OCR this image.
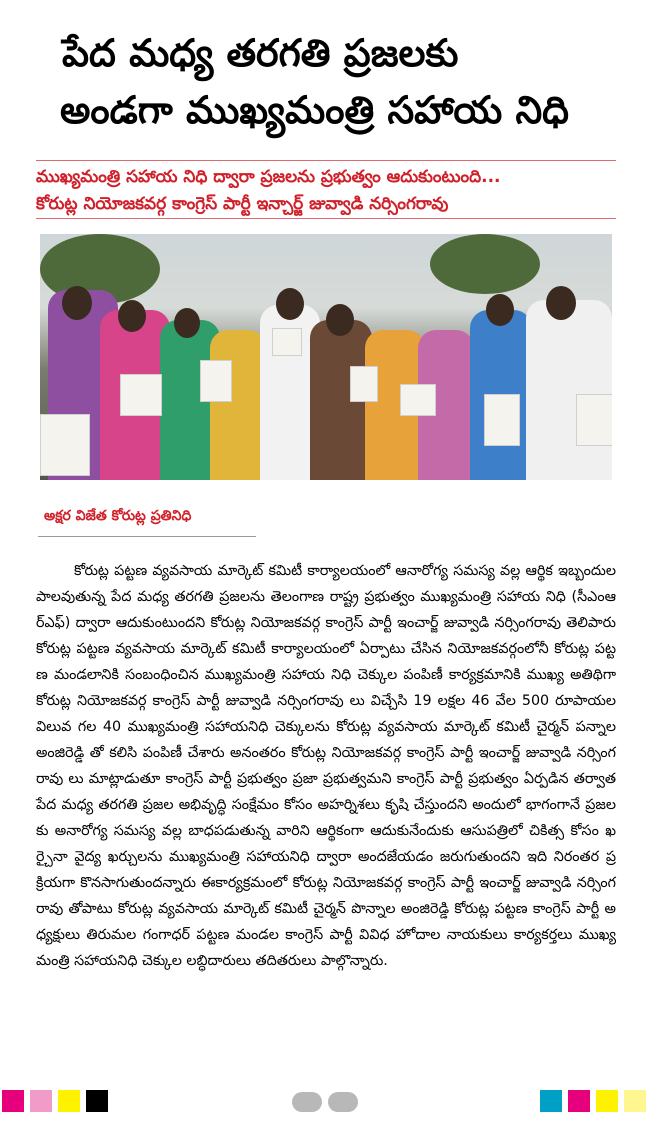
పేద మధ్య తరగతి ప్రజలకు
అండగా ముఖ్యమంత్రి సహాయ నిధి
ముఖ్యమంత్రి సహాయ నిధి ద్వారా ప్రజలను ప్రభుత్వం ఆదుకుంటుంది...
కోరుట్ల నియోజకవర్గ కాంగ్రెస్ పార్టీ ఇన్చార్జ్ జువ్వాడి నర్సింగరావు
అక్షర విజేత కోరుట్ల ప్రతినిధి
కోరుట్ల పట్టణ వ్యవసాయ మార్కెట్ కమిటీ కార్యాలయంలో ఆనారోగ్య సమస్య వల్ల ఆర్థిక ఇబ్బందుల పాలవుతున్న పేద మధ్య తరగతి ప్రజలను తెలంగాణ రాష్ట్ర ప్రభుత్వం ముఖ్యమంత్రి సహాయ నిధి (సీఎంఆర్ఎఫ్) ద్వారా ఆదుకుంటుందని కోరుట్ల నియోజకవర్గ కాంగ్రెస్ పార్టీ ఇంచార్జ్ జువ్వాడి నర్సింగరావు తెలిపారు కోరుట్ల పట్టణ వ్యవసాయ మార్కెట్ కమిటీ కార్యాలయంలో ఏర్పాటు చేసిన నియోజకవర్గంలోనీ కోరుట్ల పట్టణ మండలానికి సంబంధించిన ముఖ్యమంత్రి సహాయ నిధి చెక్కుల పంపిణీ కార్యక్రమానికి ముఖ్య అతిథిగా కోరుట్ల నియోజకవర్గ కాంగ్రెస్ పార్టీ జువ్వాడి నర్సింగరావు లు విచ్చేసి 19 లక్షల 46 వేల 500 రూపాయల విలువ గల 40 ముఖ్యమంత్రి సహాయనిధి చెక్కులను కోరుట్ల వ్యవసాయ మార్కెట్ కమిటీ చైర్మన్ పన్నాల అంజిరెడ్డి తో కలిసి పంపిణీ చేశారు అనంతరం కోరుట్ల నియోజకవర్గ కాంగ్రెస్ పార్టీ ఇంచార్జ్ జువ్వాడి నర్సింగరావు లు మాట్లాడుతూ కాంగ్రెస్ పార్టీ ప్రభుత్వం ప్రజా ప్రభుత్వమని కాంగ్రెస్ పార్టీ ప్రభుత్వం ఏర్పడిన తర్వాత పేద మధ్య తరగతి ప్రజల అభివృద్ధి సంక్షేమం కోసం అహర్నిశలు కృషి చేస్తుందని అందులో భాగంగానే ప్రజల కు అనారోగ్య సమస్య వల్ల బాధపడుతున్న వారిని ఆర్థికంగా ఆదుకునేందుకు ఆసుపత్రిలో చికిత్స కోసం ఖర్చైనా వైద్య ఖర్చులను ముఖ్యమంత్రి సహాయనిధి ద్వారా అందజేయడం జరుగుతుందని ఇది నిరంతర ప్రక్రియగా కొనసాగుతుందన్నారు ఈకార్యక్రమంలో కోరుట్ల నియోజకవర్గ కాంగ్రెస్ పార్టీ ఇంచార్జ్ జువ్వాడి నర్సింగరావు తోపాటు కోరుట్ల వ్యవసాయ మార్కెట్ కమిటీ చైర్మన్ పొన్నాల అంజిరెడ్డి కోరుట్ల పట్టణ కాంగ్రెస్ పార్టీ అధ్యక్షులు తిరుమల గంగాధర్ పట్టణ మండల కాంగ్రెస్ పార్టీ వివిధ హోదాల నాయకులు కార్యకర్తలు ముఖ్యమంత్రి సహాయనిధి చెక్కుల లబ్ధిదారులు తదితరులు పాల్గొన్నారు.
